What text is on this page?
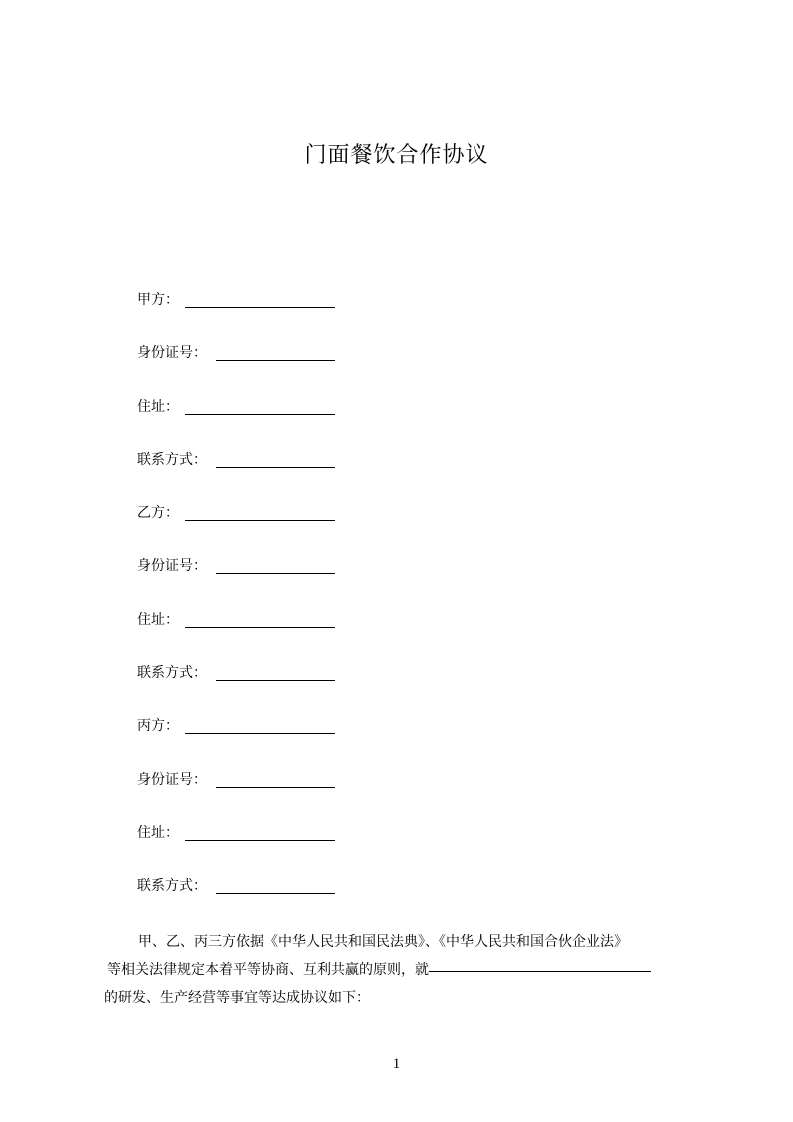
门面餐饮合作协议
甲方：
身份证号：
住址：
联系方式：
乙方：
身份证号：
住址：
联系方式：
丙方：
身份证号：
住址：
联系方式：
甲、乙、丙三方依据《中华人民共和国民法典》、《中华人民共和国合伙企业法》
等相关法律规定本着平等协商、互利共赢的原则，就
的研发、生产经营等事宜等达成协议如下：
1
